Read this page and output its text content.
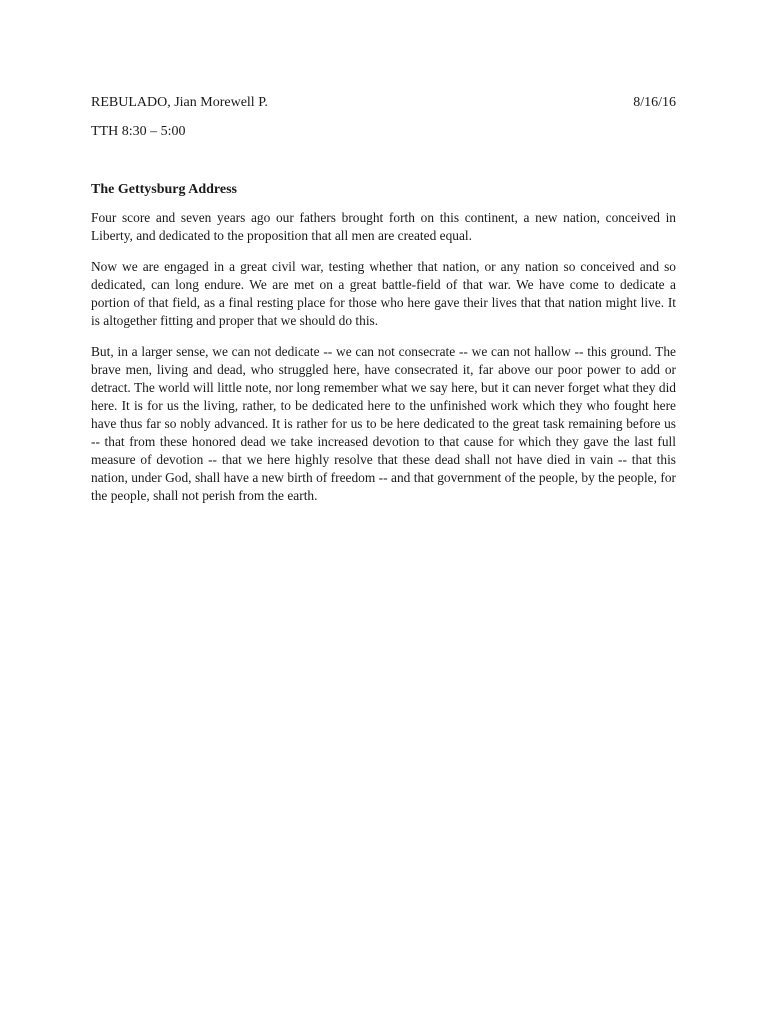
REBULADO, Jian Morewell P.	8/16/16
TTH 8:30 – 5:00
The Gettysburg Address

Four score and seven years ago our fathers brought forth on this continent, a new nation, conceived in Liberty, and dedicated to the proposition that all men are created equal.

Now we are engaged in a great civil war, testing whether that nation, or any nation so conceived and so dedicated, can long endure. We are met on a great battle-field of that war. We have come to dedicate a portion of that field, as a final resting place for those who here gave their lives that that nation might live. It is altogether fitting and proper that we should do this.

But, in a larger sense, we can not dedicate -- we can not consecrate -- we can not hallow -- this ground. The brave men, living and dead, who struggled here, have consecrated it, far above our poor power to add or detract. The world will little note, nor long remember what we say here, but it can never forget what they did here. It is for us the living, rather, to be dedicated here to the unfinished work which they who fought here have thus far so nobly advanced. It is rather for us to be here dedicated to the great task remaining before us -- that from these honored dead we take increased devotion to that cause for which they gave the last full measure of devotion -- that we here highly resolve that these dead shall not have died in vain -- that this nation, under God, shall have a new birth of freedom -- and that government of the people, by the people, for the people, shall not perish from the earth.
